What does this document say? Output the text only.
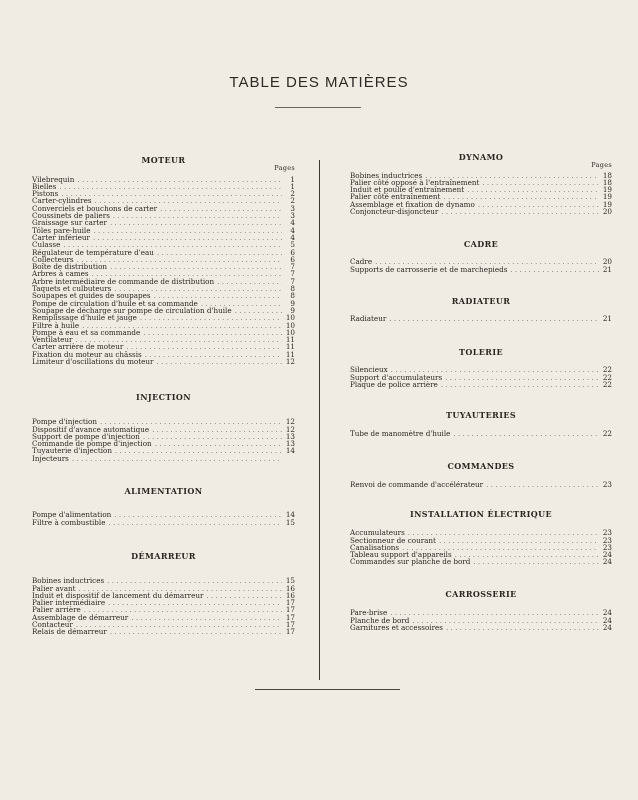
TABLE DES MATIÈRES
MOTEUR
Pages
Vilebrequin . . .	1
Bielles . . .	1
Pistons . . .	2
Carter-cylindres . . .	2
Converciels et bouchons de carter . . .	3
Coussinets de paliers . . .	3
Graissage sur carter . . .	4
Tôles pare-huile . . .	4
Carter inférieur . . .	4
Culasse . . .	5
Régulateur de température d'eau . . .	6
Collecteurs . . .	6
Boîte de distribution . . .	7
Arbres à cames . . .	7
Arbre intermédiaire de commande de distribution . . .	7
Taquets et culbuteurs . . .	8
Soupapes et guides de soupapes . . .	8
Pompe de circulation d'huile et sa commande . . .	9
Soupape de décharge sur pompe de circulation d'huile . . .	9
Remplissage d'huile et jauge . . .	10
Filtre à huile . . .	10
Pompe à eau et sa commande . . .	10
Ventilateur . . .	11
Carter arrière de moteur . . .	11
Fixation du moteur au châssis . . .	11
Limiteur d'oscillations du moteur . . .	12
INJECTION
Pompe d'injection . . .	12
Dispositif d'avance automatique . . .	12
Support de pompe d'injection . . .	13
Commande de pompe d'injection . . .	13
Tuyauterie d'injection . . .	14
Injecteurs
. . .
ALIMENTATION
Pompe d'alimentation . . .	14
Filtre à combustible . . .	15
DÉMARREUR
Bobines inductrices . . .	15
Palier avant . . .	16
Induit et dispositif de lancement du démarreur . . .	16
Palier intermédiaire . . .	17
Palier arrière . . .	17
Assemblage de démarreur . . .	17
Contacteur . . .	17
Relais de démarreur . . .	17
DYNAMO
Pages
Bobines inductrices . . .	18
Palier côté opposé à l'entraînement . . .	18
Induit et poulie d'entraînement . . .	19
Palier côté entraînement . . .	19
Assemblage et fixation de dynamo . . .	19
Conjoncteur-disjoncteur . . .	20
CADRE
Cadre . . .	20
Supports de carrosserie et de marchepieds . . .	21
RADIATEUR
Radiateur . . .	21
TOLERIE
Silencieux . . .	22
Support d'accumulateurs . . .	22
Plaque de police arrière . . .	22
TUYAUTERIES
Tube de manomètre d'huile . . .	22
COMMANDES
Renvoi de commande d'accélérateur . . .	23
INSTALLATION ÉLECTRIQUE
Accumulateurs . . .	23
Sectionneur de courant . . .	23
Canalisations . . .	23
Tableau support d'appareils . . .	24
Commandes sur planche de bord . . .	24
CARROSSERIE
Pare-brise . . .	24
Planche de bord . . .	24
Garnitures et accessoires . . .	24
